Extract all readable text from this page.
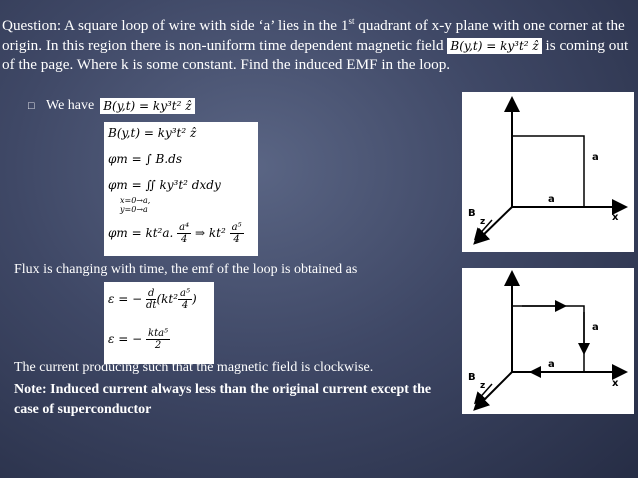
Question: A square loop of wire with side ‘a’ lies in the 1st quadrant of x-y plane with one corner at the origin. In this region there is non-uniform time dependent magnetic field B(y,t) = ky³t² ẑ is coming out of the page. Where k is some constant. Find the induced EMF in the loop.
□ We have B(y,t) = ky³t² ẑ
B(y,t) = ky³t² ẑ
φm = ∫ B.ds
φm = ∬ ky³t² dxdy
x=0→a,
y=0→a
φm = kt²a. $\frac{\text{a⁴}}{4}$ ⇒ $kt^2 \frac{\text{a⁵}}{4}$
Flux is changing with time, the emf of the loop is obtained as
ε = − $\frac{d}{dt} (kt^2 \frac{\text{a⁵}}{4}$ )
ε = − $\frac{\text{kta⁵}}{2}$
The current producing such that the magnetic field is clockwise.
Note: Induced current always less than the original current except the case of superconductor
a
a
x
B
z
a
a
x
B
z
